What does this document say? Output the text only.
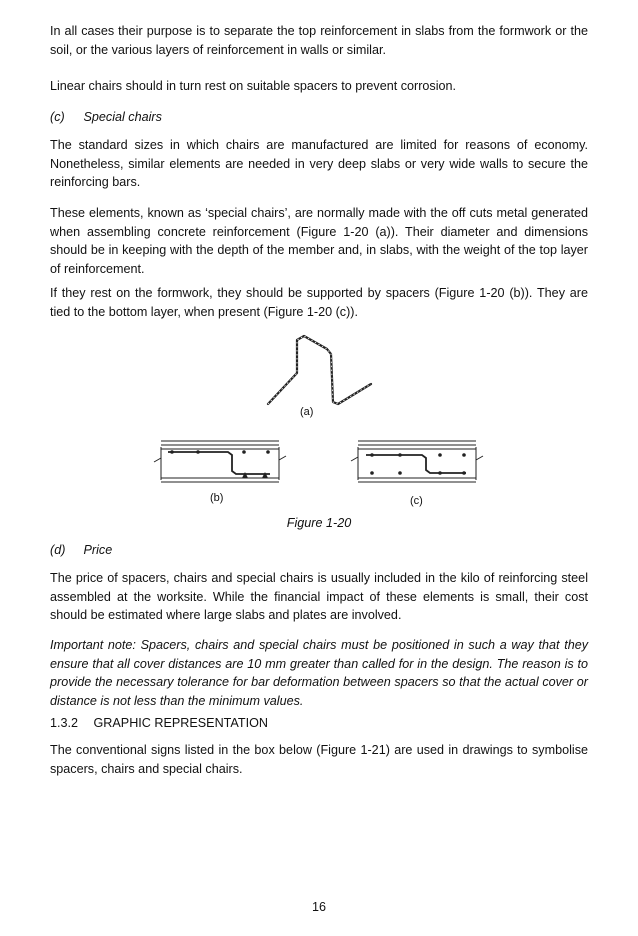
In all cases their purpose is to separate the top reinforcement in slabs from the formwork or the soil, or the various layers of reinforcement in walls or similar.

Linear chairs should in turn rest on suitable spacers to prevent corrosion.

(c) Special chairs

The standard sizes in which chairs are manufactured are limited for reasons of economy. Nonetheless, similar elements are needed in very deep slabs or very wide walls to secure the reinforcing bars.

These elements, known as ‘special chairs’, are normally made with the off cuts metal generated when assembling concrete reinforcement (Figure 1-20 (a)). Their diameter and dimensions should be in keeping with the depth of the member and, in slabs, with the weight of the top layer of reinforcement.

If they rest on the formwork, they should be supported by spacers (Figure 1-20 (b)). They are tied to the bottom layer, when present (Figure 1-20 (c)).

(a)
(b)	(c)
Figure 1-20
(d) Price

The price of spacers, chairs and special chairs is usually included in the kilo of reinforcing steel assembled at the worksite. While the financial impact of these elements is small, their cost should be estimated where large slabs and plates are involved.

Important note: Spacers, chairs and special chairs must be positioned in such a way that they ensure that all cover distances are 10 mm greater than called for in the design. The reason is to provide the necessary tolerance for bar deformation between spacers so that the actual cover or distance is not less than the minimum values.

1.3.2 GRAPHIC REPRESENTATION

The conventional signs listed in the box below (Figure 1-21) are used in drawings to symbolise spacers, chairs and special chairs.

16
